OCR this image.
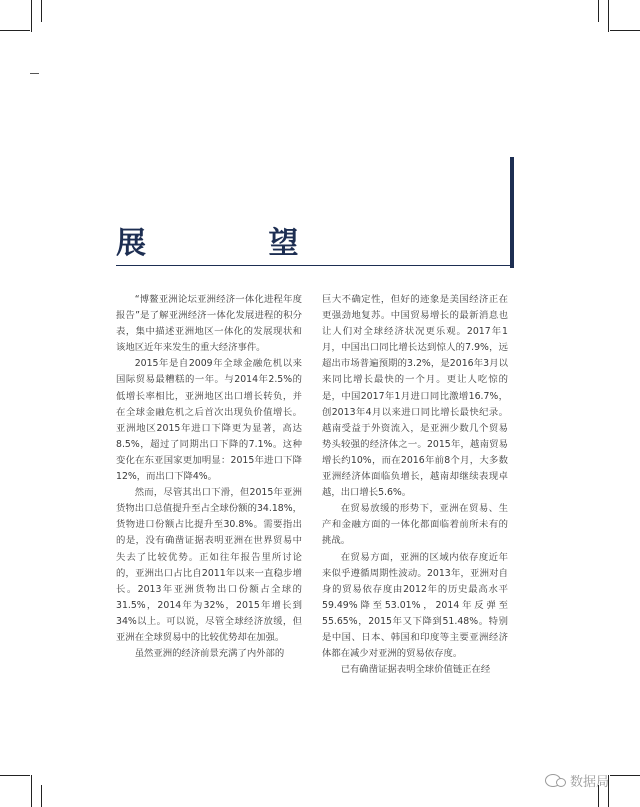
展 望

“博鳌亚洲论坛亚洲经济一体化进程年度报告”是了解亚洲经济一体化发展进程的积分表，集中描述亚洲地区一体化的发展现状和该地区近年来发生的重大经济事件。

2015年是自2009年全球金融危机以来国际贸易最糟糕的一年。与2014年2.5%的低增长率相比，亚洲地区出口增长转负，并在全球金融危机之后首次出现负价值增长。亚洲地区2015年进口下降更为显著，高达8.5%，超过了同期出口下降的7.1%。这种变化在东亚国家更加明显：2015年进口下降12%，而出口下降4%。

然而，尽管其出口下滑，但2015年亚洲货物出口总值提升至占全球份额的34.18%，货物进口份额占比提升至30.8%。需要指出的是，没有确凿证据表明亚洲在世界贸易中失去了比较优势。正如往年报告里所讨论的，亚洲出口占比自2011年以来一直稳步增长。2013年亚洲货物出口份额占全球的31.5%，2014年为32%，2015年增长到34%以上。可以说，尽管全球经济放缓，但亚洲在全球贸易中的比较优势却在加强。

虽然亚洲的经济前景充满了内外部的

巨大不确定性，但好的迹象是美国经济正在更强劲地复苏。中国贸易增长的最新消息也让人们对全球经济状况更乐观。2017年1月，中国出口同比增长达到惊人的7.9%，远超出市场普遍预期的3.2%，是2016年3月以来同比增长最快的一个月。更让人吃惊的是，中国2017年1月进口同比激增16.7%，创2013年4月以来进口同比增长最快纪录。越南受益于外资流入，是亚洲少数几个贸易势头较强的经济体之一。2015年，越南贸易增长约10%，而在2016年前8个月，大多数亚洲经济体面临负增长，越南却继续表现卓越，出口增长5.6%。

在贸易放缓的形势下，亚洲在贸易、生产和金融方面的一体化都面临着前所未有的挑战。

在贸易方面，亚洲的区域内依存度近年来似乎遵循周期性波动。2013年，亚洲对自身的贸易依存度由2012年的历史最高水平59.49%降至53.01%，2014年反弹至55.65%，2015年又下降到51.48%。特别是中国、日本、韩国和印度等主要亚洲经济体都在减少对亚洲的贸易依存度。

已有确凿证据表明全球价值链正在经

数据局
